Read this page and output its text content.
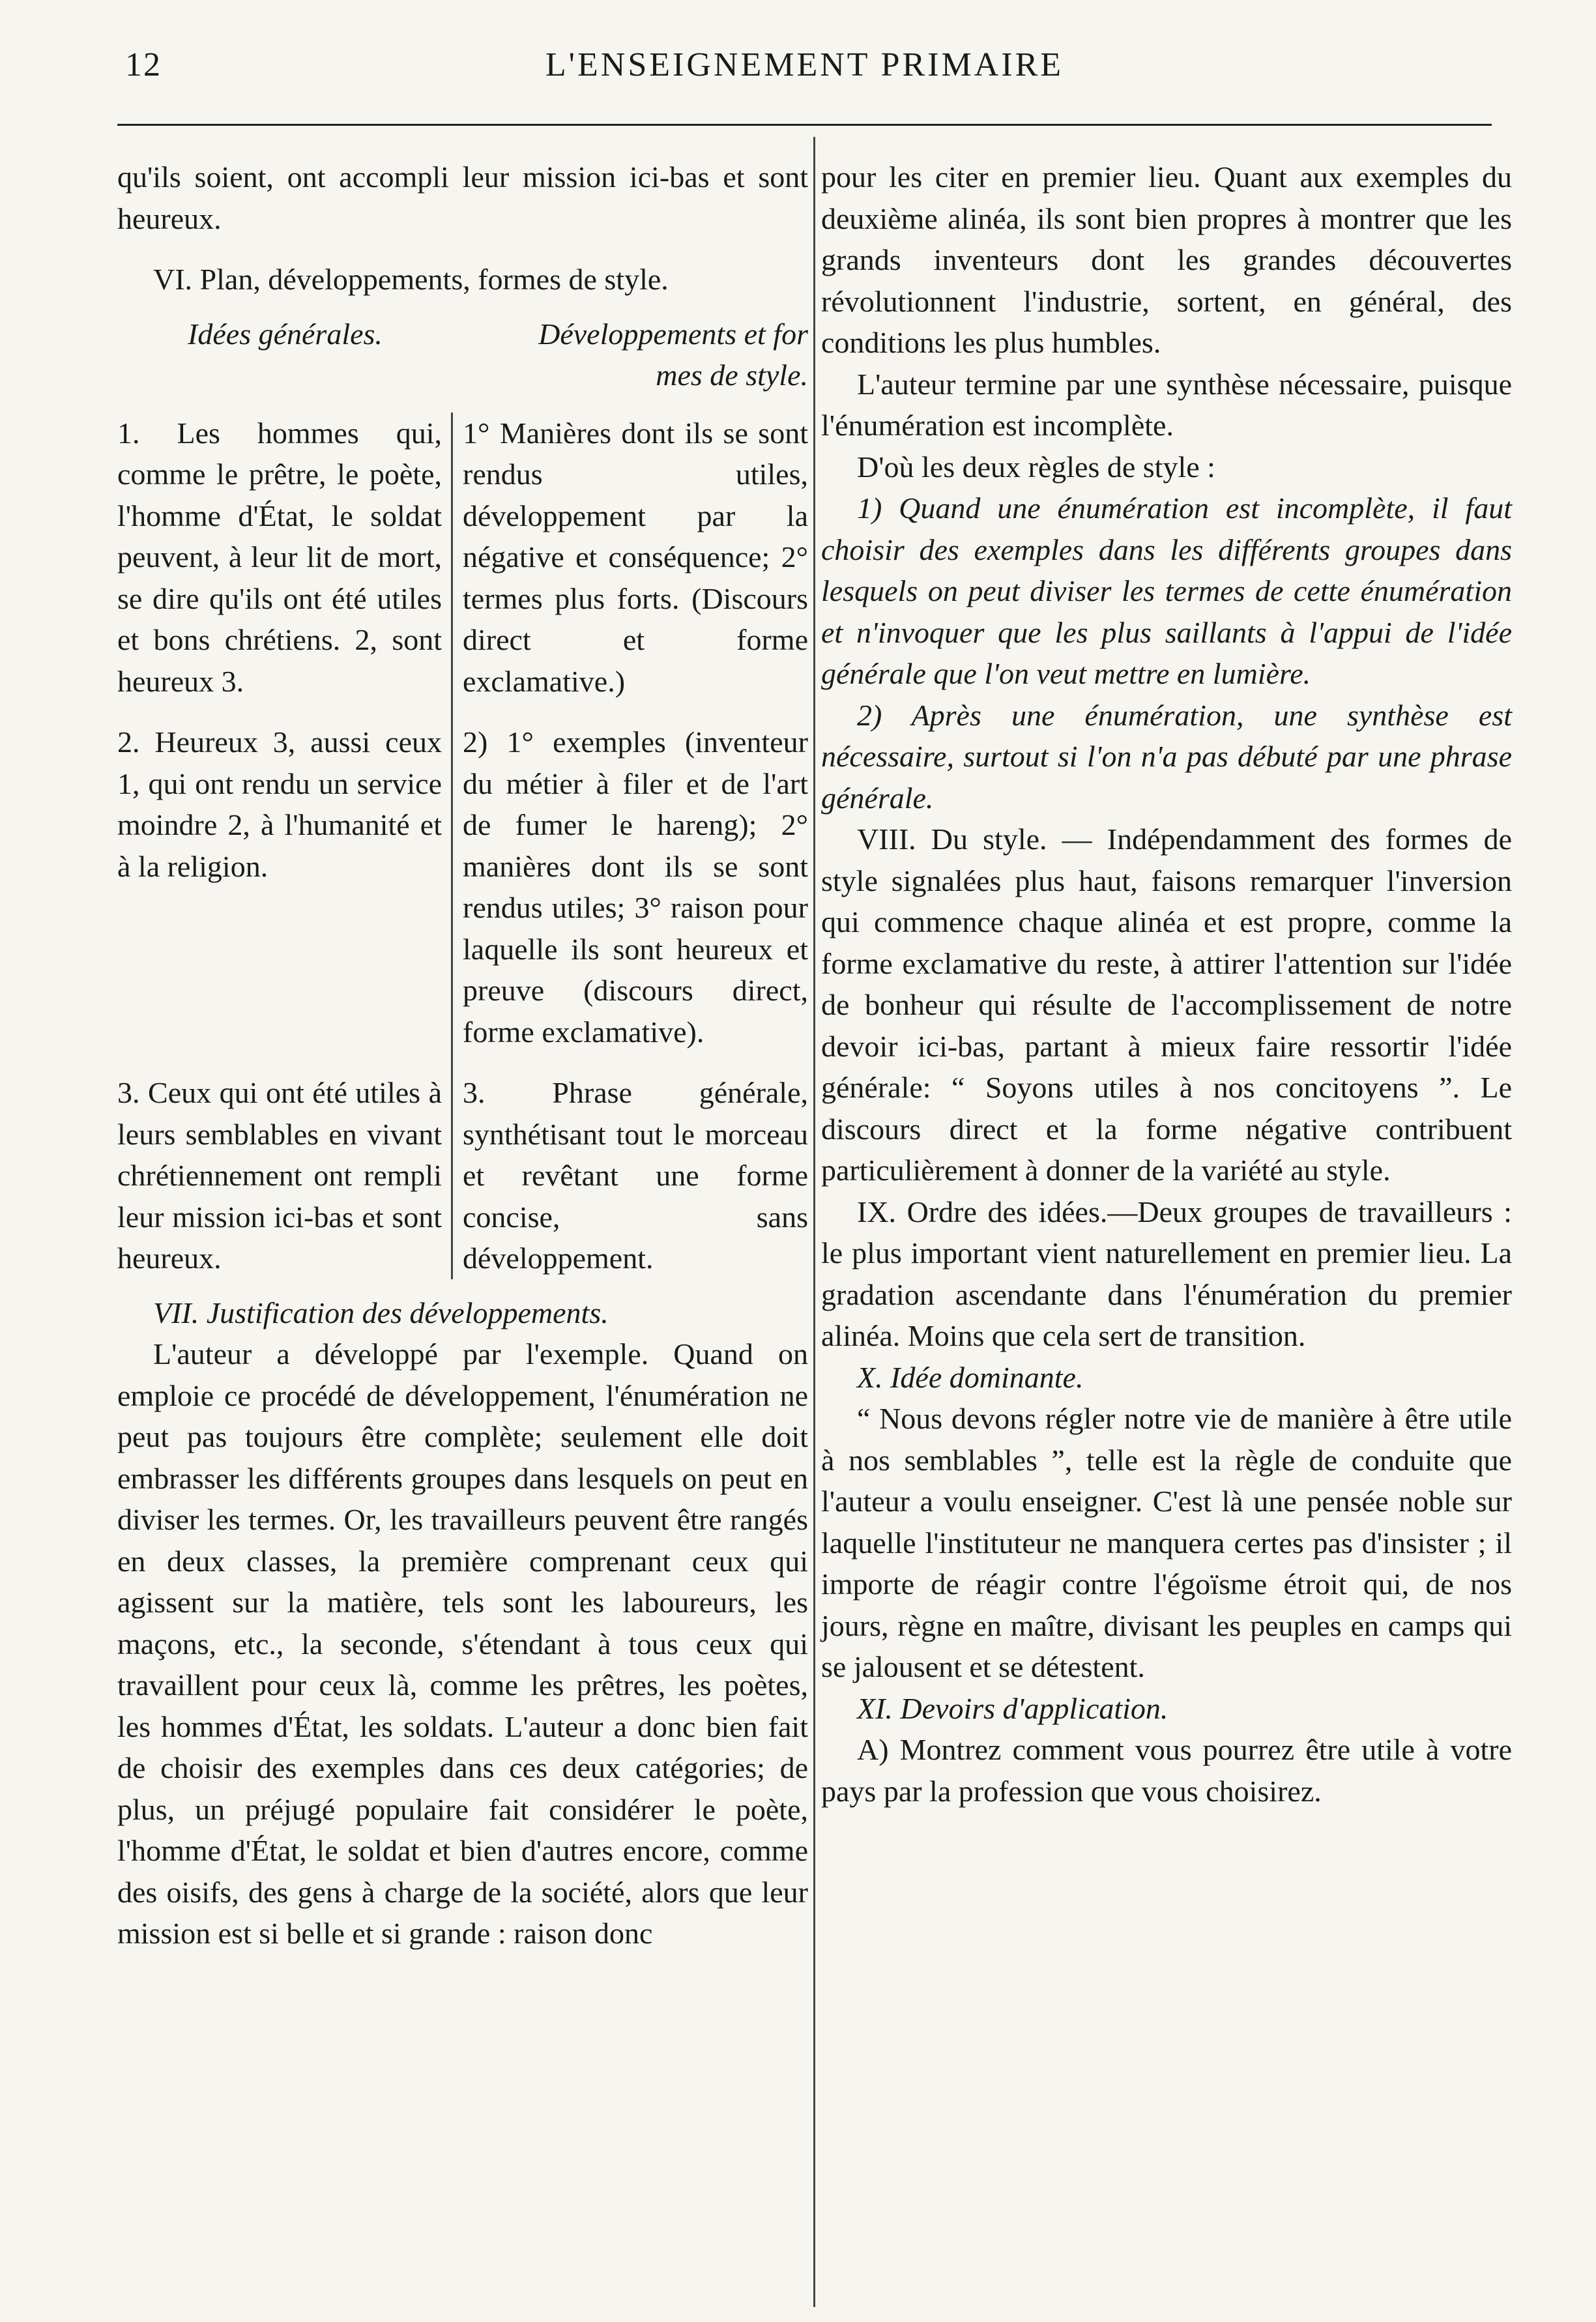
12	L'ENSEIGNEMENT PRIMAIRE

qu'ils soient, ont accompli leur mission ici-bas et sont heureux.

VI. Plan, développements, formes de style.

Idées générales.	Développements et for
mes de style.
1. Les hommes qui, comme le prêtre, le poète, l'homme d'État, le soldat peuvent, à leur lit de mort, se dire qu'ils ont été utiles et bons chrétiens. 2, sont heureux 3.
1° Manières dont ils se sont rendus utiles, développement par la négative et conséquence; 2° termes plus forts. (Discours direct et forme exclamative.)
2. Heureux 3, aussi ceux 1, qui ont rendu un service moindre 2, à l'humanité et à la religion.
2) 1° exemples (inventeur du métier à filer et de l'art de fumer le hareng); 2° manières dont ils se sont rendus utiles; 3° raison pour laquelle ils sont heureux et preuve (discours direct, forme exclamative).
3. Ceux qui ont été utiles à leurs semblables en vivant chrétiennement ont rempli leur mission ici-bas et sont heureux.
3. Phrase générale, synthétisant tout le morceau et revêtant une forme concise, sans développement.

VII. Justification des développements.

L'auteur a développé par l'exemple. Quand on emploie ce procédé de développement, l'énumération ne peut pas toujours être complète; seulement elle doit embrasser les différents groupes dans lesquels on peut en diviser les termes. Or, les travailleurs peuvent être rangés en deux classes, la première comprenant ceux qui agissent sur la matière, tels sont les laboureurs, les maçons, etc., la seconde, s'étendant à tous ceux qui travaillent pour ceux là, comme les prêtres, les poètes, les hommes d'État, les soldats. L'auteur a donc bien fait de choisir des exemples dans ces deux catégories; de plus, un préjugé populaire fait considérer le poète, l'homme d'État, le soldat et bien d'autres encore, comme des oisifs, des gens à charge de la société, alors que leur mission est si belle et si grande : raison donc

pour les citer en premier lieu. Quant aux exemples du deuxième alinéa, ils sont bien propres à montrer que les grands inventeurs dont les grandes découvertes révolutionnent l'industrie, sortent, en général, des conditions les plus humbles.

L'auteur termine par une synthèse nécessaire, puisque l'énumération est incomplète.

D'où les deux règles de style :

1) Quand une énumération est incomplète, il faut choisir des exemples dans les différents groupes dans lesquels on peut diviser les termes de cette énumération et n'invoquer que les plus saillants à l'appui de l'idée générale que l'on veut mettre en lumière.

2) Après une énumération, une synthèse est nécessaire, surtout si l'on n'a pas débuté par une phrase générale.

VIII. Du style. — Indépendamment des formes de style signalées plus haut, faisons remarquer l'inversion qui commence chaque alinéa et est propre, comme la forme exclamative du reste, à attirer l'attention sur l'idée de bonheur qui résulte de l'accomplissement de notre devoir ici-bas, partant à mieux faire ressortir l'idée générale: “ Soyons utiles à nos concitoyens ”. Le discours direct et la forme négative contribuent particulièrement à donner de la variété au style.

IX. Ordre des idées.—Deux groupes de travailleurs : le plus important vient naturellement en premier lieu. La gradation ascendante dans l'énumération du premier alinéa. Moins que cela sert de transition.

X. Idée dominante.

“ Nous devons régler notre vie de manière à être utile à nos semblables ”, telle est la règle de conduite que l'auteur a voulu enseigner. C'est là une pensée noble sur laquelle l'instituteur ne manquera certes pas d'insister ; il importe de réagir contre l'égoïsme étroit qui, de nos jours, règne en maître, divisant les peuples en camps qui se jalousent et se détestent.

XI. Devoirs d'application.

A) Montrez comment vous pourrez être utile à votre pays par la profession que vous choisirez.
